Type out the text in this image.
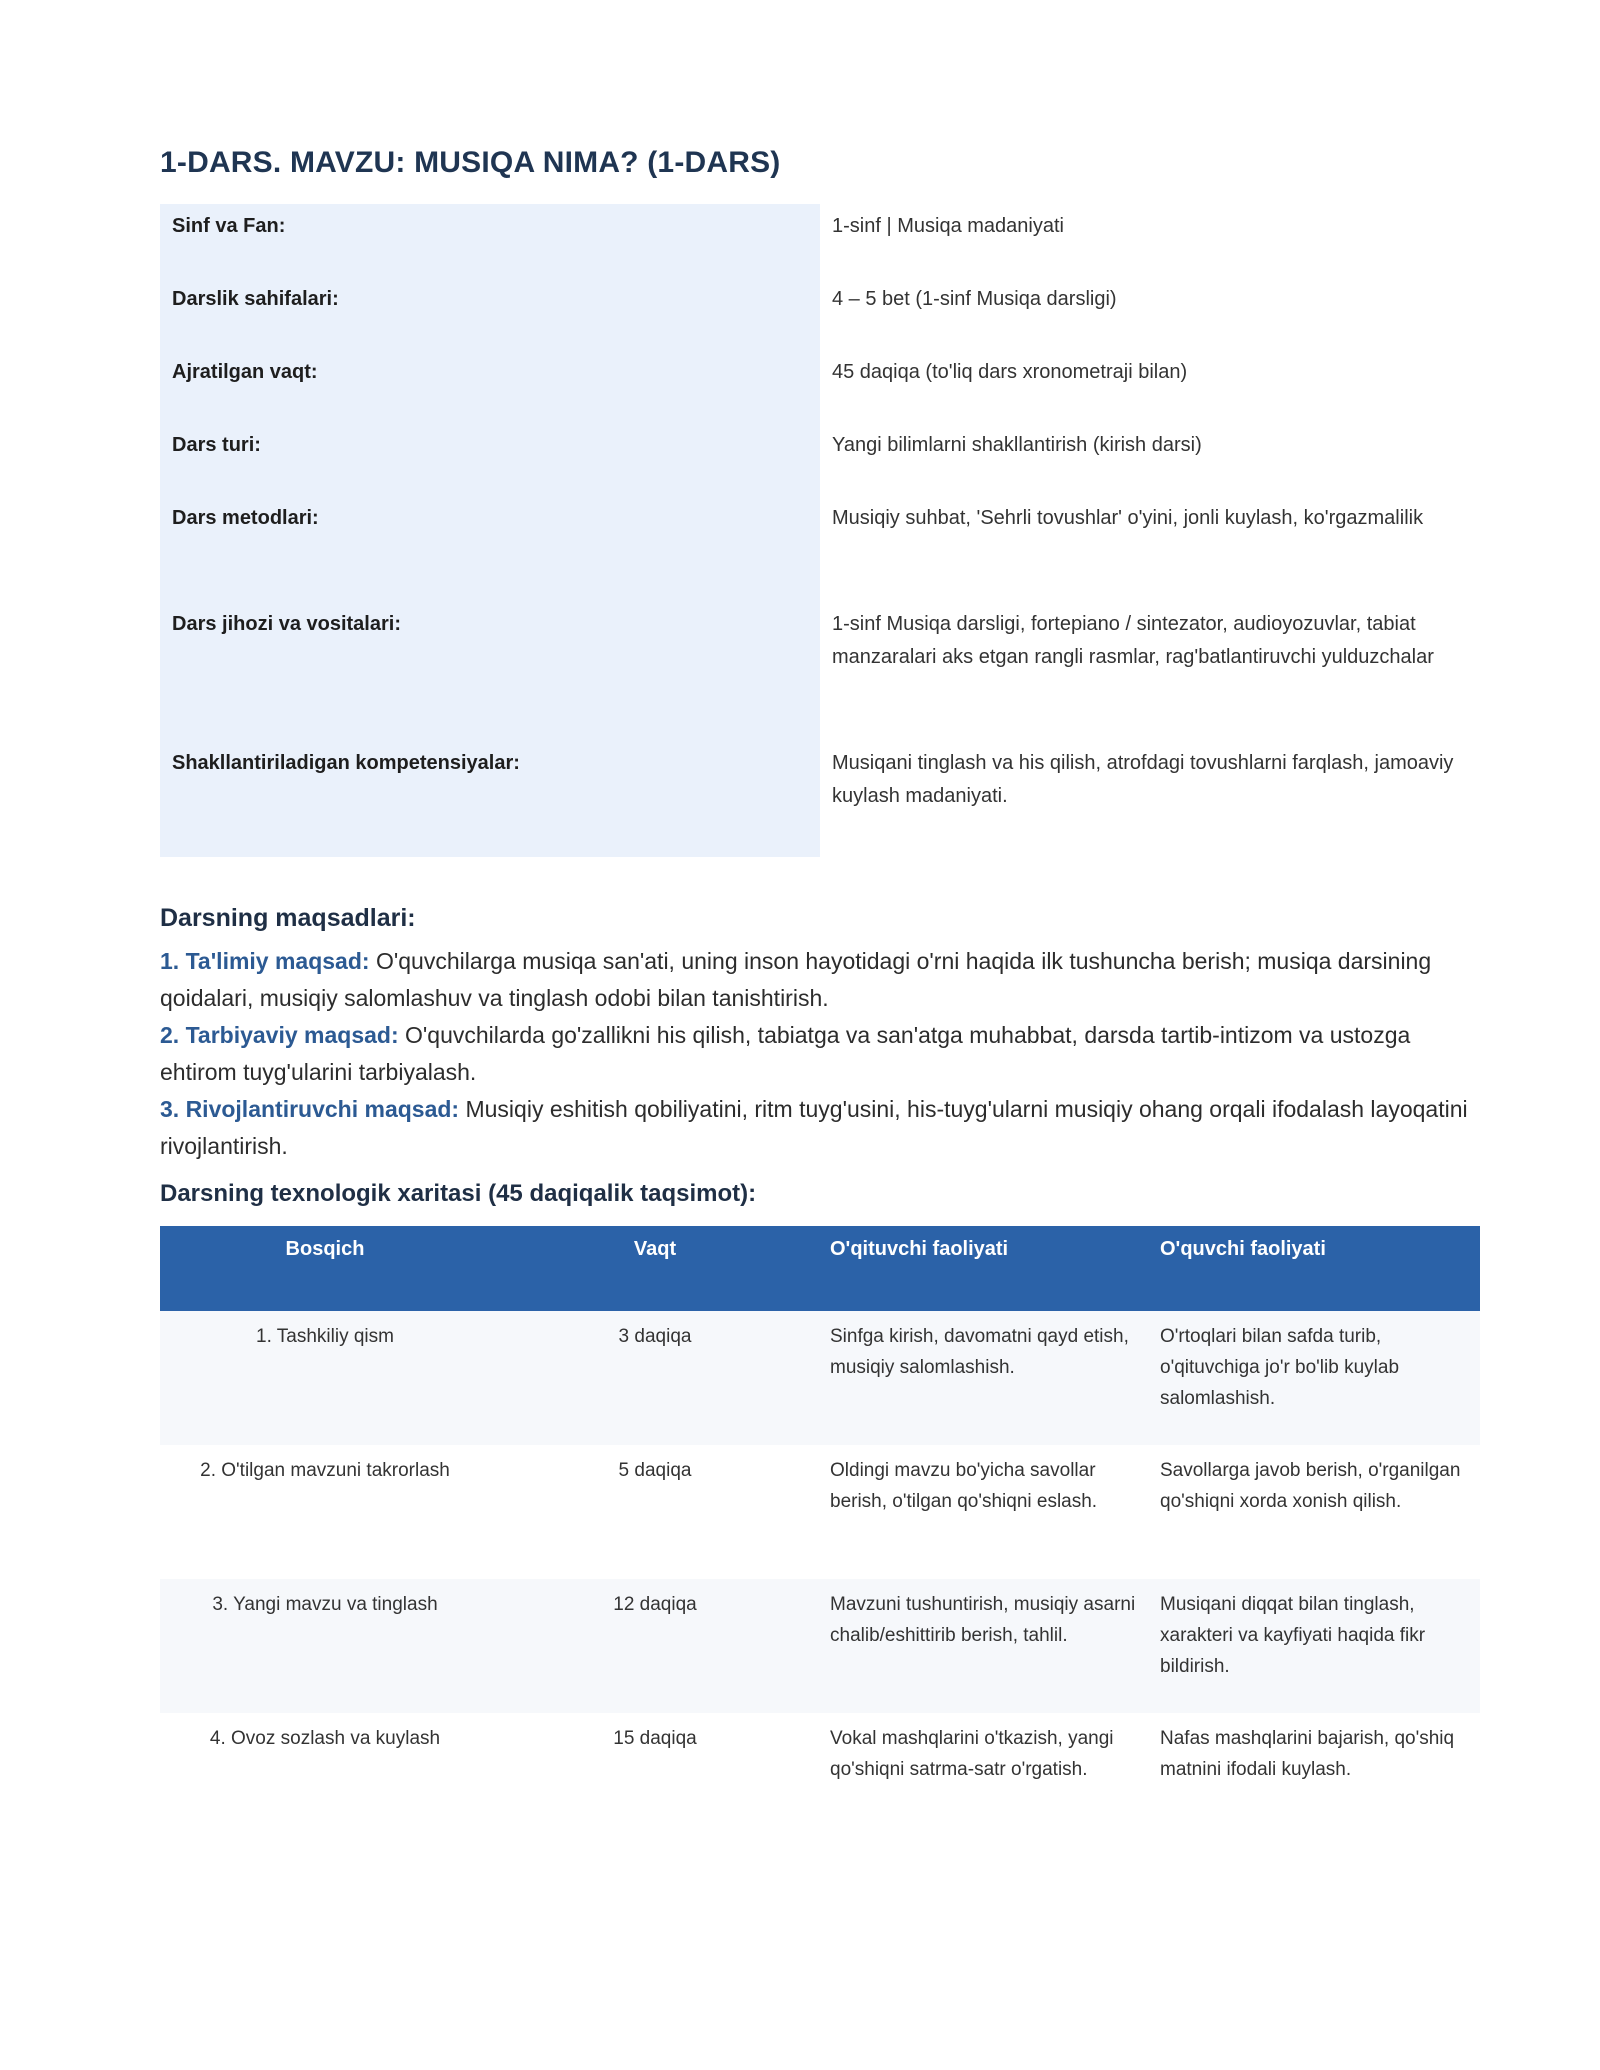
1-DARS. MAVZU: MUSIQA NIMA? (1-DARS)
Sinf va Fan:	1-sinf | Musiqa madaniyati
Darslik sahifalari:	4 – 5 bet (1-sinf Musiqa darsligi)
Ajratilgan vaqt:	45 daqiqa (to'liq dars xronometraji bilan)
Dars turi:	Yangi bilimlarni shakllantirish (kirish darsi)
Dars metodlari:	Musiqiy suhbat, 'Sehrli tovushlar' o'yini, jonli kuylash, ko'rgazmalilik
Dars jihozi va vositalari:	1-sinf Musiqa darsligi, fortepiano / sintezator, audioyozuvlar, tabiat manzaralari aks etgan rangli rasmlar, rag'batlantiruvchi yulduzchalar
Shakllantiriladigan kompetensiyalar:	Musiqani tinglash va his qilish, atrofdagi tovushlarni farqlash, jamoaviy kuylash madaniyati.
Darsning maqsadlari:
1. Ta'limiy maqsad: O'quvchilarga musiqa san'ati, uning inson hayotidagi o'rni haqida ilk tushuncha berish; musiqa darsining qoidalari, musiqiy salomlashuv va tinglash odobi bilan tanishtirish.
2. Tarbiyaviy maqsad: O'quvchilarda go'zallikni his qilish, tabiatga va san'atga muhabbat, darsda tartib-intizom va ustozga ehtirom tuyg'ularini tarbiyalash.
3. Rivojlantiruvchi maqsad: Musiqiy eshitish qobiliyatini, ritm tuyg'usini, his-tuyg'ularni musiqiy ohang orqali ifodalash layoqatini rivojlantirish.
Darsning texnologik xaritasi (45 daqiqalik taqsimot):
Bosqich	Vaqt	O'qituvchi faoliyati	O'quvchi faoliyati
1. Tashkiliy qism	3 daqiqa	Sinfga kirish, davomatni qayd etish, musiqiy salomlashish.	O'rtoqlari bilan safda turib, o'qituvchiga jo'r bo'lib kuylab salomlashish.
2. O'tilgan mavzuni takrorlash	5 daqiqa	Oldingi mavzu bo'yicha savollar berish, o'tilgan qo'shiqni eslash.	Savollarga javob berish, o'rganilgan qo'shiqni xorda xonish qilish.
3. Yangi mavzu va tinglash	12 daqiqa	Mavzuni tushuntirish, musiqiy asarni chalib/eshittirib berish, tahlil.	Musiqani diqqat bilan tinglash, xarakteri va kayfiyati haqida fikr bildirish.
4. Ovoz sozlash va kuylash	15 daqiqa	Vokal mashqlarini o'tkazish, yangi qo'shiqni satrma-satr o'rgatish.	Nafas mashqlarini bajarish, qo'shiq matnini ifodali kuylash.
